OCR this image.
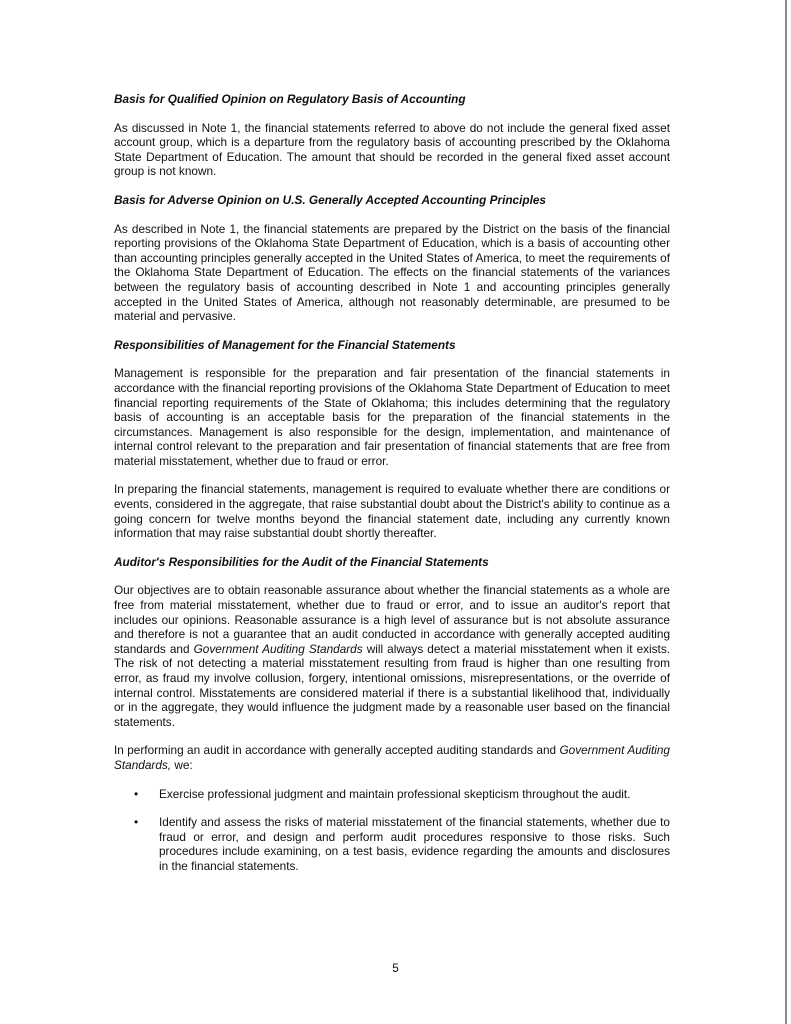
Basis for Qualified Opinion on Regulatory Basis of Accounting

As discussed in Note 1, the financial statements referred to above do not include the general fixed asset account group, which is a departure from the regulatory basis of accounting prescribed by the Oklahoma State Department of Education. The amount that should be recorded in the general fixed asset account group is not known.

Basis for Adverse Opinion on U.S. Generally Accepted Accounting Principles

As described in Note 1, the financial statements are prepared by the District on the basis of the financial reporting provisions of the Oklahoma State Department of Education, which is a basis of accounting other than accounting principles generally accepted in the United States of America, to meet the requirements of the Oklahoma State Department of Education. The effects on the financial statements of the variances between the regulatory basis of accounting described in Note 1 and accounting principles generally accepted in the United States of America, although not reasonably determinable, are presumed to be material and pervasive.

Responsibilities of Management for the Financial Statements

Management is responsible for the preparation and fair presentation of the financial statements in accordance with the financial reporting provisions of the Oklahoma State Department of Education to meet financial reporting requirements of the State of Oklahoma; this includes determining that the regulatory basis of accounting is an acceptable basis for the preparation of the financial statements in the circumstances. Management is also responsible for the design, implementation, and maintenance of internal control relevant to the preparation and fair presentation of financial statements that are free from material misstatement, whether due to fraud or error.

In preparing the financial statements, management is required to evaluate whether there are conditions or events, considered in the aggregate, that raise substantial doubt about the District's ability to continue as a going concern for twelve months beyond the financial statement date, including any currently known information that may raise substantial doubt shortly thereafter.

Auditor's Responsibilities for the Audit of the Financial Statements

Our objectives are to obtain reasonable assurance about whether the financial statements as a whole are free from material misstatement, whether due to fraud or error, and to issue an auditor's report that includes our opinions. Reasonable assurance is a high level of assurance but is not absolute assurance and therefore is not a guarantee that an audit conducted in accordance with generally accepted auditing standards and Government Auditing Standards will always detect a material misstatement when it exists. The risk of not detecting a material misstatement resulting from fraud is higher than one resulting from error, as fraud my involve collusion, forgery, intentional omissions, misrepresentations, or the override of internal control. Misstatements are considered material if there is a substantial likelihood that, individually or in the aggregate, they would influence the judgment made by a reasonable user based on the financial statements.

In performing an audit in accordance with generally accepted auditing standards and Government Auditing Standards, we:

• Exercise professional judgment and maintain professional skepticism throughout the audit.
• Identify and assess the risks of material misstatement of the financial statements, whether due to fraud or error, and design and perform audit procedures responsive to those risks. Such procedures include examining, on a test basis, evidence regarding the amounts and disclosures in the financial statements.
5
